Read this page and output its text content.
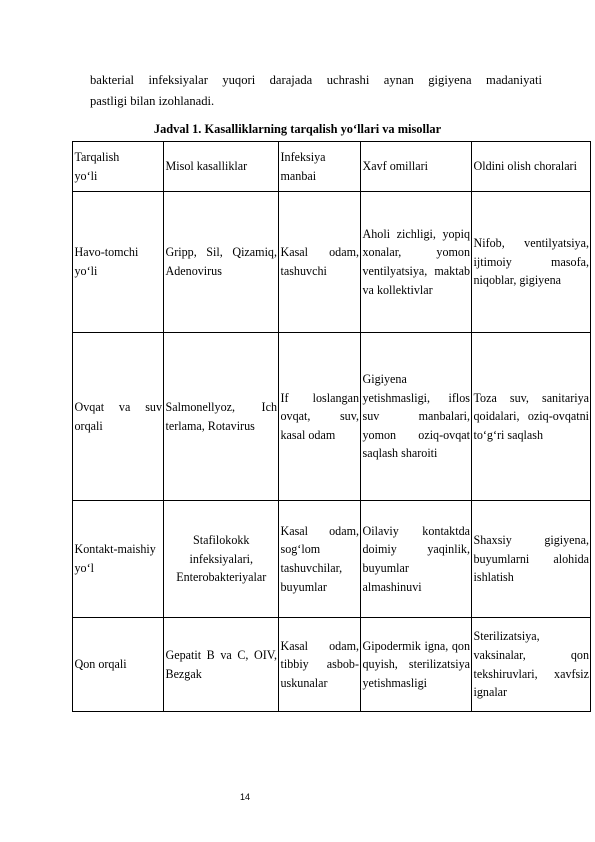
bakterial infeksiyalar yuqori darajada uchrashi aynan gigiyena madaniyati
pastligi bilan izohlanadi.
Jadval 1. Kasalliklarning tarqalish yo‘llari va misollar
Tarqalish yo‘li	Misol kasalliklar	Infeksiya manbai	Xavf omillari	Oldini olish choralari
Havo-tomchi yo‘li	Gripp, Sil, Qizamiq, Adenovirus	Kasal odam, tashuvchi	Aholi zichligi, yopiq xonalar, yomon ventilyatsiya, maktab va kollektivlar	Nifob, ventilyatsiya, ijtimoiy masofa, niqoblar, gigiyena
Ovqat va suv orqali	Salmonellyoz, Ich terlama, Rotavirus	If loslangan ovqat, suv, kasal odam	Gigiyena yetishmasligi, iflos suv manbalari, yomon oziq-ovqat saqlash sharoiti	Toza suv, sanitariya qoidalari, oziq-ovqatni to‘g‘ri saqlash
Kontakt-maishiy yo‘l	Stafilokokk infeksiyalari, Enterobakteriyalar	Kasal odam, sog‘lom tashuvchilar, buyumlar	Oilaviy kontaktda doimiy yaqinlik, buyumlar almashinuvi	Shaxsiy gigiyena, buyumlarni alohida ishlatish
Qon orqali	Gepatit B va C, OIV, Bezgak	Kasal odam, tibbiy asbob-uskunalar	Gipodermik igna, qon quyish, sterilizatsiya yetishmasligi	Sterilizatsiya, vaksinalar, qon tekshiruvlari, xavfsiz ignalar
14
